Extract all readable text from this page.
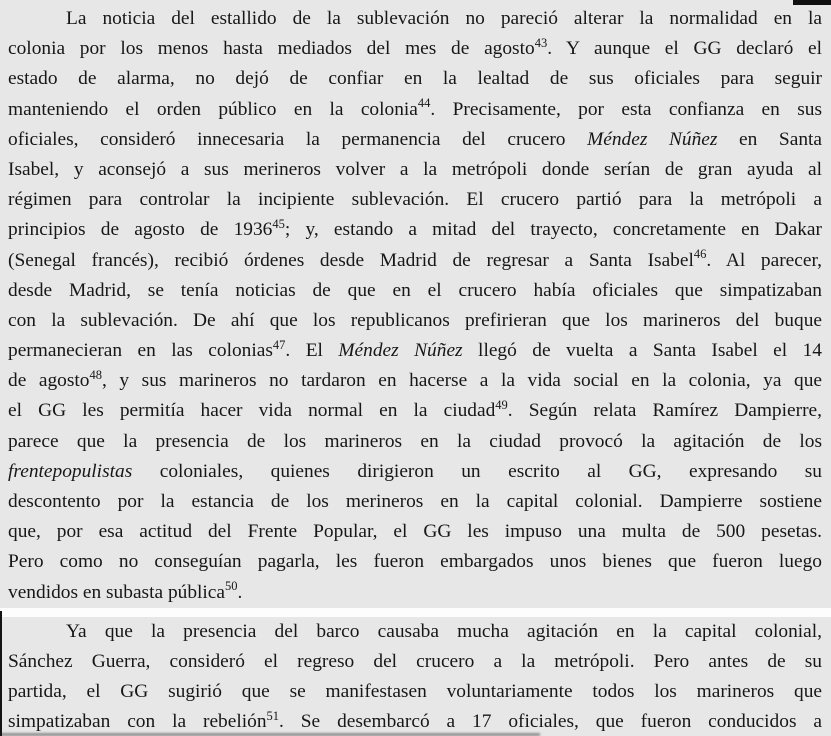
La noticia del estallido de la sublevación no pareció alterar la normalidad en la
colonia por los menos hasta mediados del mes de agosto$^{43}$. Y aunque el GG declaró el
estado de alarma, no dejó de confiar en la lealtad de sus oficiales para seguir
manteniendo el orden público en la colonia$^{44}$. Precisamente, por esta confianza en sus
oficiales, consideró innecesaria la permanencia del crucero Méndez Núñez en Santa
Isabel, y aconsejó a sus merineros volver a la metrópoli donde serían de gran ayuda al
régimen para controlar la incipiente sublevación. El crucero partió para la metrópoli a
principios de agosto de 1936$^{45}$; y, estando a mitad del trayecto, concretamente en Dakar
(Senegal francés), recibió órdenes desde Madrid de regresar a Santa Isabel$^{46}$. Al parecer,
desde Madrid, se tenía noticias de que en el crucero había oficiales que simpatizaban
con la sublevación. De ahí que los republicanos prefirieran que los marineros del buque
permanecieran en las colonias$^{47}$. El Méndez Núñez llegó de vuelta a Santa Isabel el 14
de agosto$^{48}$, y sus marineros no tardaron en hacerse a la vida social en la colonia, ya que
el GG les permitía hacer vida normal en la ciudad$^{49}$. Según relata Ramírez Dampierre,
parece que la presencia de los marineros en la ciudad provocó la agitación de los
frentepopulistas coloniales, quienes dirigieron un escrito al GG, expresando su
descontento por la estancia de los merineros en la capital colonial. Dampierre sostiene
que, por esa actitud del Frente Popular, el GG les impuso una multa de 500 pesetas.
Pero como no conseguían pagarla, les fueron embargados unos bienes que fueron luego
vendidos en subasta pública$^{50}$.
Ya que la presencia del barco causaba mucha agitación en la capital colonial,
Sánchez Guerra, consideró el regreso del crucero a la metrópoli. Pero antes de su
partida, el GG sugirió que se manifestasen voluntariamente todos los marineros que
simpatizaban con la rebelión$^{51}$. Se desembarcó a 17 oficiales, que fueron conducidos a
